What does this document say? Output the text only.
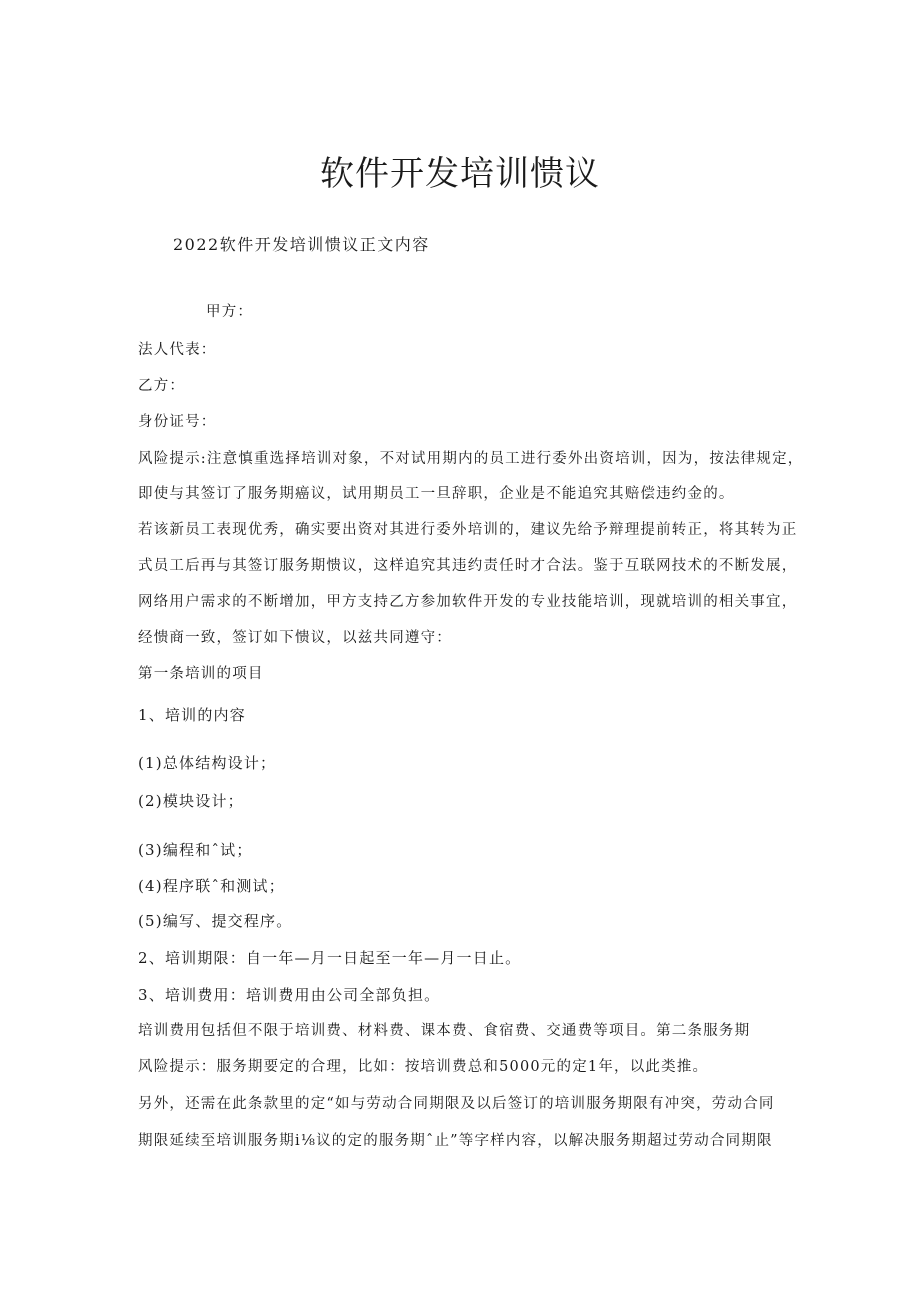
软件开发培训愦议

2022软件开发培训愦议正文内容

甲方：

法人代表：

乙方：

身份证号：

风险提示:注意慎重选择培训对象，不对试用期内的员工进行委外出资培训，因为，按法律规定，

即使与其签订了服务期癌议，试用期员工一旦辞职，企业是不能追究其赔偿违约金的。

若该新员工表现优秀，确实要出资对其进行委外培训的，建议先给予辩理提前转正，将其转为正

式员工后再与其签订服务期愦议，这样追究其违约责任时才合法。鉴于互联网技术的不断发展，

网络用户需求的不断增加，甲方支持乙方参加软件开发的专业技能培训，现就培训的相关事宜，

经愦商一致，签订如下愦议，以兹共同遵守：

第一条培训的项目

1、培训的内容

(1)总体结构设计；

(2)模块设计；

(3)编程和ˆ试；

(4)程序联ˆ和测试；

(5)编写、提交程序。

2、培训期限：自一年—月一日起至一年—月一日止。

3、培训费用：培训费用由公司全部负担。

培训费用包括但不限于培训费、材料费、课本费、食宿费、交通费等项目。第二条服务期

风险提示：服务期要定的合理，比如：按培训费总和5000元的定1年，以此类推。

另外，还需在此条款里的定“如与劳动合同期限及以后签订的培训服务期限有冲突，劳动合同

期限延续至培训服务期i⅛议的定的服务期ˆ止”等字样内容，以解决服务期超过劳动合同期限
